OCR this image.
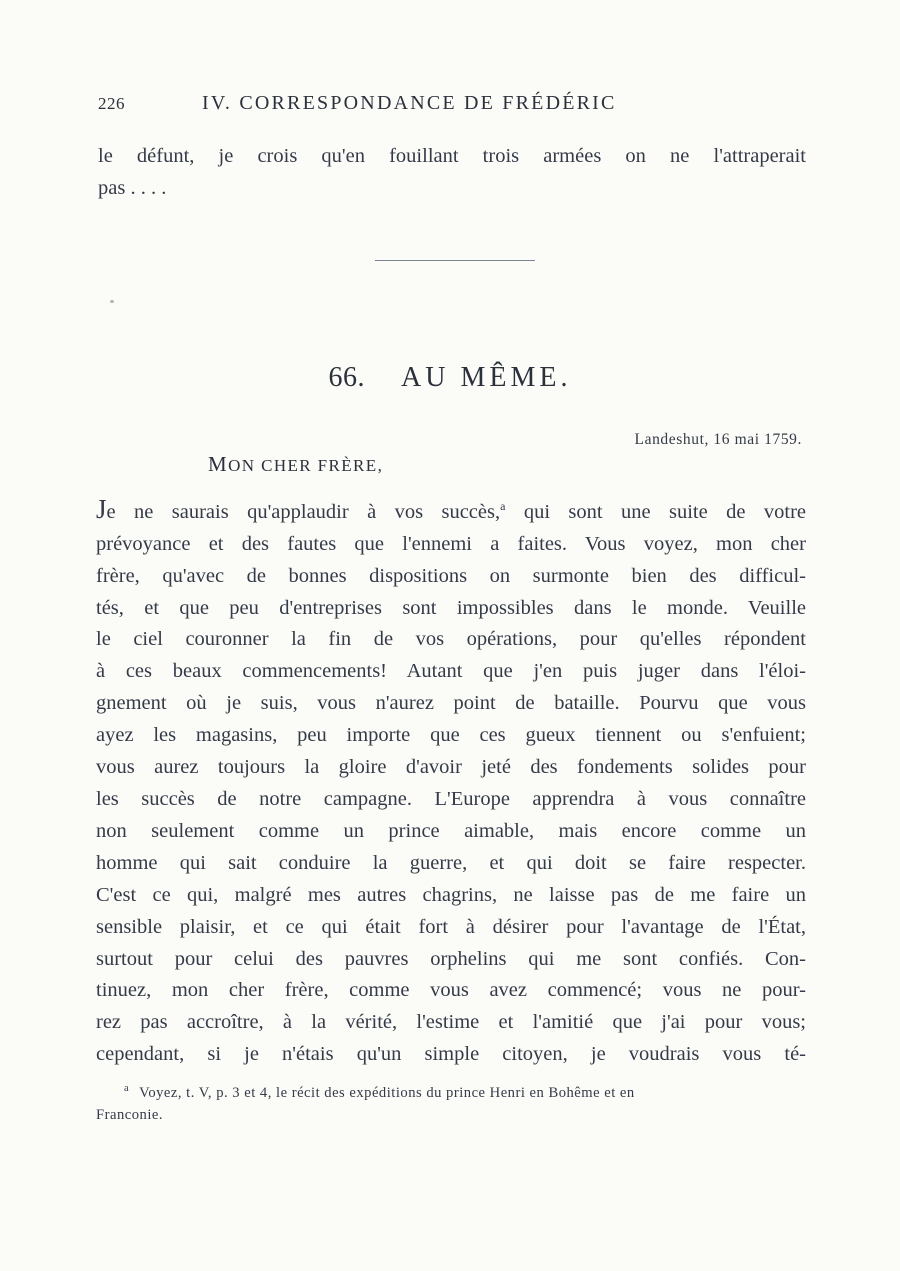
226	IV. CORRESPONDANCE DE FRÉDÉRIC
le défunt, je crois qu'en fouillant trois armées on ne l'attraperait
pas . . . .
66. AU MÊME.
Landeshut, 16 mai 1759.
MON CHER FRÈRE,
Je ne saurais qu'applaudir à vos succès,$^a$ qui sont une suite de votre
prévoyance et des fautes que l'ennemi a faites. Vous voyez, mon cher
frère, qu'avec de bonnes dispositions on surmonte bien des difficul-
tés, et que peu d'entreprises sont impossibles dans le monde. Veuille
le ciel couronner la fin de vos opérations, pour qu'elles répondent
à ces beaux commencements! Autant que j'en puis juger dans l'éloi-
gnement où je suis, vous n'aurez point de bataille. Pourvu que vous
ayez les magasins, peu importe que ces gueux tiennent ou s'enfuient;
vous aurez toujours la gloire d'avoir jeté des fondements solides pour
les succès de notre campagne. L'Europe apprendra à vous connaître
non seulement comme un prince aimable, mais encore comme un
homme qui sait conduire la guerre, et qui doit se faire respecter.
C'est ce qui, malgré mes autres chagrins, ne laisse pas de me faire un
sensible plaisir, et ce qui était fort à désirer pour l'avantage de l'État,
surtout pour celui des pauvres orphelins qui me sont confiés. Con-
tinuez, mon cher frère, comme vous avez commencé; vous ne pour-
rez pas accroître, à la vérité, l'estime et l'amitié que j'ai pour vous;
cependant, si je n'étais qu'un simple citoyen, je voudrais vous té-
$^a$ Voyez, t. V, p. 3 et 4, le récit des expéditions du prince Henri en Bohême et en
Franconie.
